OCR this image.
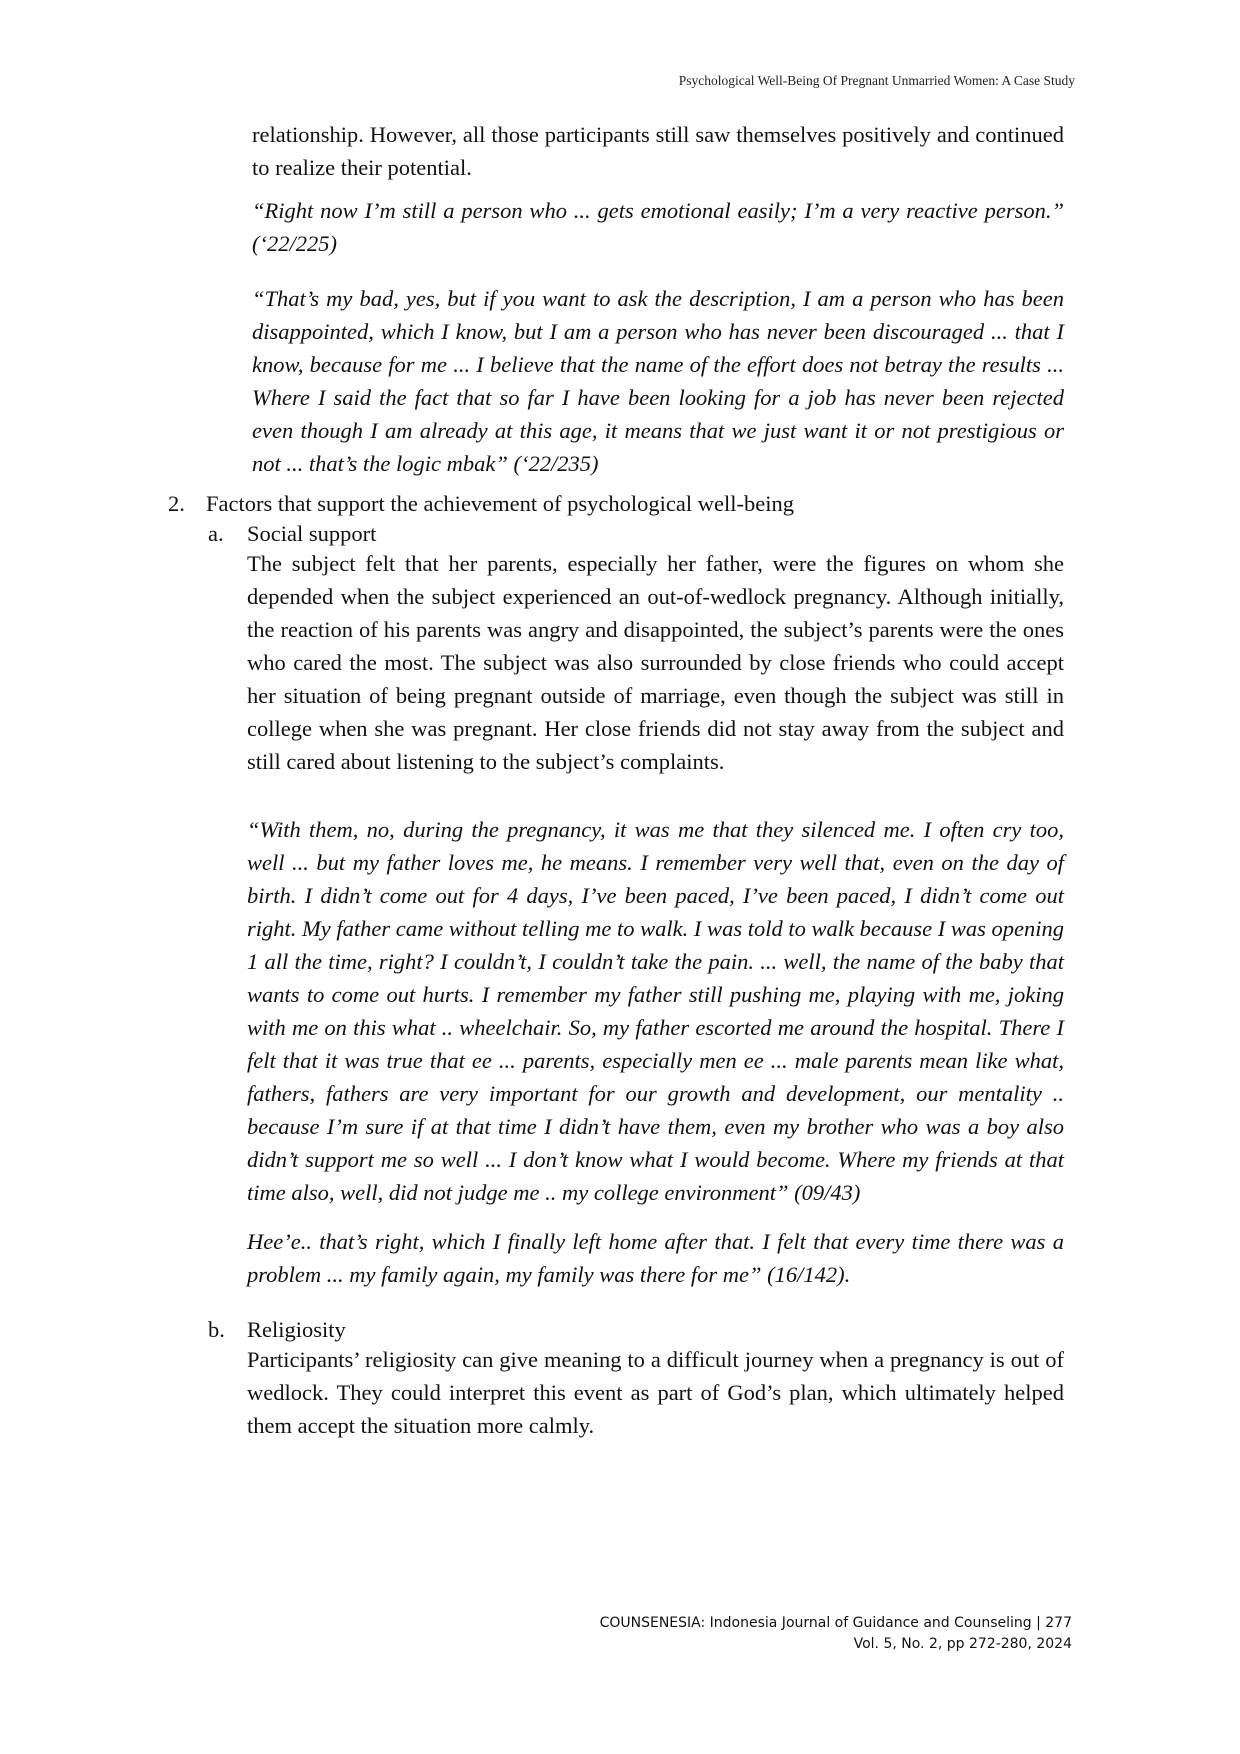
Psychological Well-Being Of Pregnant Unmarried Women: A Case Study

relationship. However, all those participants still saw themselves positively and continued to realize their potential.

“Right now I’m still a person who ... gets emotional easily; I’m a very reactive person.” (‘22/225)

“That’s my bad, yes, but if you want to ask the description, I am a person who has been disappointed, which I know, but I am a person who has never been discouraged ... that I know, because for me ... I believe that the name of the effort does not betray the results ... Where I said the fact that so far I have been looking for a job has never been rejected even though I am already at this age, it means that we just want it or not prestigious or not ... that’s the logic mbak” (‘22/235)

2. Factors that support the achievement of psychological well-being
a. Social support

The subject felt that her parents, especially her father, were the figures on whom she depended when the subject experienced an out-of-wedlock pregnancy. Although initially, the reaction of his parents was angry and disappointed, the subject’s parents were the ones who cared the most. The subject was also surrounded by close friends who could accept her situation of being pregnant outside of marriage, even though the subject was still in college when she was pregnant. Her close friends did not stay away from the subject and still cared about listening to the subject’s complaints.

“With them, no, during the pregnancy, it was me that they silenced me. I often cry too, well ... but my father loves me, he means. I remember very well that, even on the day of birth. I didn’t come out for 4 days, I’ve been paced, I’ve been paced, I didn’t come out right. My father came without telling me to walk. I was told to walk because I was opening 1 all the time, right? I couldn’t, I couldn’t take the pain. ... well, the name of the baby that wants to come out hurts. I remember my father still pushing me, playing with me, joking with me on this what .. wheelchair. So, my father escorted me around the hospital. There I felt that it was true that ee ... parents, especially men ee ... male parents mean like what, fathers, fathers are very important for our growth and development, our mentality .. because I’m sure if at that time I didn’t have them, even my brother who was a boy also didn’t support me so well ... I don’t know what I would become. Where my friends at that time also, well, did not judge me .. my college environment” (09/43)

Hee’e.. that’s right, which I finally left home after that. I felt that every time there was a problem ... my family again, my family was there for me” (16/142).

b. Religiosity

Participants’ religiosity can give meaning to a difficult journey when a pregnancy is out of wedlock. They could interpret this event as part of God’s plan, which ultimately helped them accept the situation more calmly.

COUNSENESIA: Indonesia Journal of Guidance and Counseling | 277
Vol. 5, No. 2, pp 272-280, 2024
